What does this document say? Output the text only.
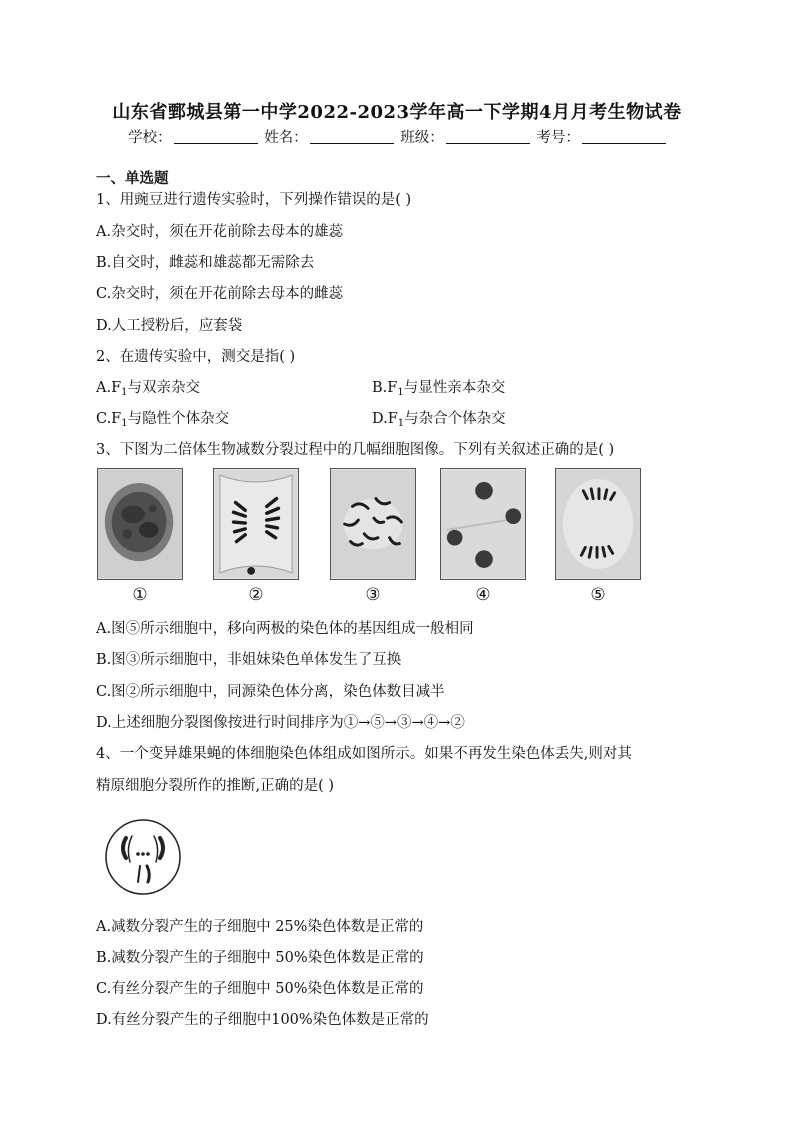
山东省鄄城县第一中学2022-2023学年高一下学期4月月考生物试卷
学校：	姓名：	班级：	考号：
一、单选题
1、用豌豆进行遗传实验时，下列操作错误的是( )
A.杂交时，须在开花前除去母本的雄蕊
B.自交时，雌蕊和雄蕊都无需除去
C.杂交时，须在开花前除去母本的雌蕊
D.人工授粉后，应套袋
2、在遗传实验中，测交是指( )
$A.F_1$与双亲杂交	$B.F_1$与显性亲本杂交
$C.F_1$与隐性个体杂交	$D.F_1$与杂合个体杂交
3、下图为二倍体生物减数分裂过程中的几幅细胞图像。下列有关叙述正确的是( )
①	②	③	④	⑤
A.图⑤所示细胞中，移向两极的染色体的基因组成一般相同
B.图③所示细胞中，非姐妹染色单体发生了互换
C.图②所示细胞中，同源染色体分离，染色体数目减半
D.上述细胞分裂图像按进行时间排序为①→⑤→③→④→②
4、一个变异雄果蝇的体细胞染色体组成如图所示。如果不再发生染色体丢失,则对其
精原细胞分裂所作的推断,正确的是( )
A.减数分裂产生的子细胞中 25%染色体数是正常的
B.减数分裂产生的子细胞中 50%染色体数是正常的
C.有丝分裂产生的子细胞中 50%染色体数是正常的
D.有丝分裂产生的子细胞中100%染色体数是正常的
